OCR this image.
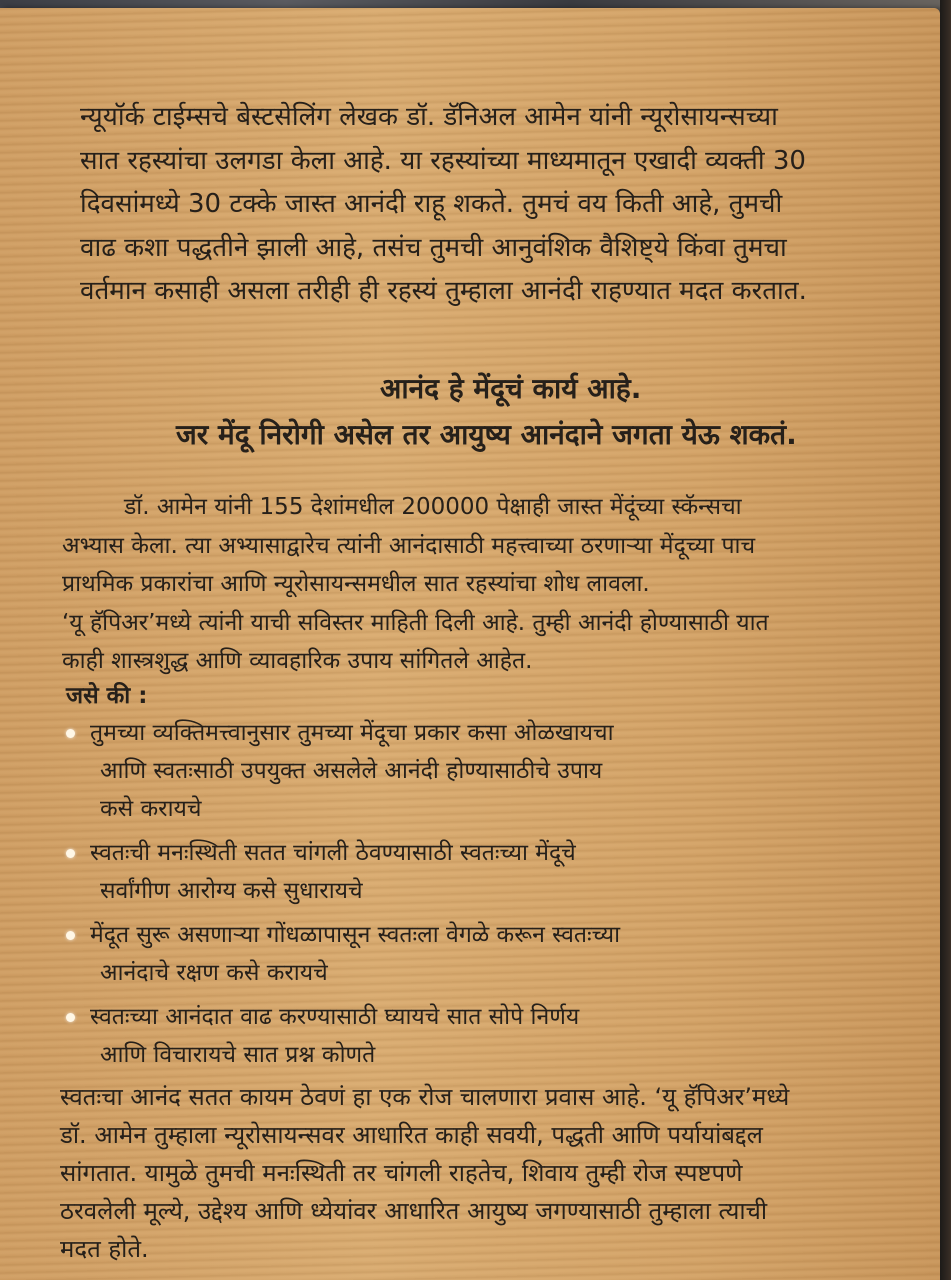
न्यूयॉर्क टाईम्सचे बेस्टसेलिंग लेखक डॉ. डॅनिअल आमेन यांनी न्यूरोसायन्सच्या
सात रहस्यांचा उलगडा केला आहे. या रहस्यांच्या माध्यमातून एखादी व्यक्ती 30
दिवसांमध्ये 30 टक्के जास्त आनंदी राहू शकते. तुमचं वय किती आहे, तुमची
वाढ कशा पद्धतीने झाली आहे, तसंच तुमची आनुवंशिक वैशिष्ट्ये किंवा तुमचा
वर्तमान कसाही असला तरीही ही रहस्यं तुम्हाला आनंदी राहण्यात मदत करतात.
आनंद हे मेंदूचं कार्य आहे.
जर मेंदू निरोगी असेल तर आयुष्य आनंदाने जगता येऊ शकतं.
डॉ. आमेन यांनी 155 देशांमधील 200000 पेक्षाही जास्त मेंदूंच्या स्कॅन्सचा
अभ्यास केला. त्या अभ्यासाद्वारेच त्यांनी आनंदासाठी महत्त्वाच्या ठरणाऱ्या मेंदूच्या पाच
प्राथमिक प्रकारांचा आणि न्यूरोसायन्समधील सात रहस्यांचा शोध लावला.
‘यू हॅपिअर’मध्ये त्यांनी याची सविस्तर माहिती दिली आहे. तुम्ही आनंदी होण्यासाठी यात
काही शास्त्रशुद्ध आणि व्यावहारिक उपाय सांगितले आहेत.
जसे की :
तुमच्या व्यक्तिमत्त्वानुसार तुमच्या मेंदूचा प्रकार कसा ओळखायचा
आणि स्वतःसाठी उपयुक्त असलेले आनंदी होण्यासाठीचे उपाय
कसे करायचे
स्वतःची मनःस्थिती सतत चांगली ठेवण्यासाठी स्वतःच्या मेंदूचे
सर्वांगीण आरोग्य कसे सुधारायचे
मेंदूत सुरू असणाऱ्या गोंधळापासून स्वतःला वेगळे करून स्वतःच्या
आनंदाचे रक्षण कसे करायचे
स्वतःच्या आनंदात वाढ करण्यासाठी घ्यायचे सात सोपे निर्णय
आणि विचारायचे सात प्रश्न कोणते
स्वतःचा आनंद सतत कायम ठेवणं हा एक रोज चालणारा प्रवास आहे. ‘यू हॅपिअर’मध्ये
डॉ. आमेन तुम्हाला न्यूरोसायन्सवर आधारित काही सवयी, पद्धती आणि पर्यायांबद्दल
सांगतात. यामुळे तुमची मनःस्थिती तर चांगली राहतेच, शिवाय तुम्ही रोज स्पष्टपणे
ठरवलेली मूल्ये, उद्देश्य आणि ध्येयांवर आधारित आयुष्य जगण्यासाठी तुम्हाला त्याची
मदत होते.
